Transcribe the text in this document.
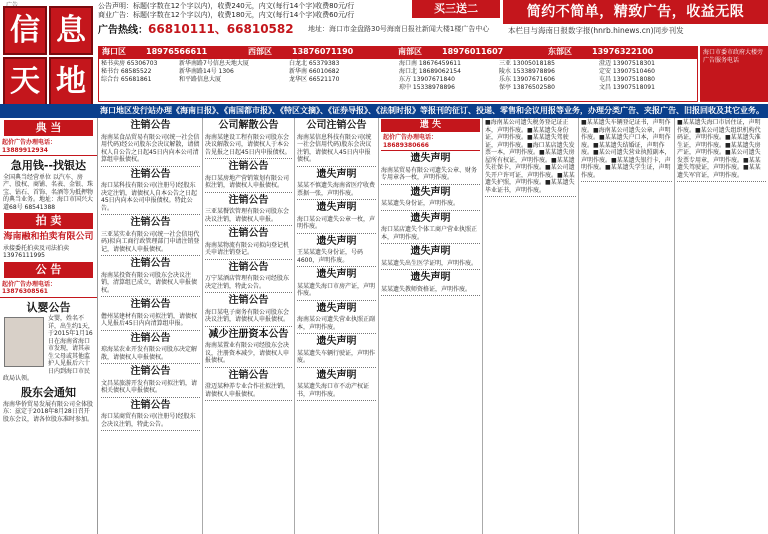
信 息
天 地
公告声明：标题(字数在12个字以内)，收费240元，内文(每行14个字)收费80元/行
商业广告：标题(字数在12个字以内)，收费180元，内文(每行14个字)收费60元/行	买三送二	简约不简单，精致广告，收益无限
广告热线：66810111、66810582 地址：海口市金盘路30号海南日报社新闻大楼1楼广告中心 本栏目与海南日报数字报(hnrb.hinews.cn)同步刊发
海口区	18976566611	西部区	13876071190	南部区	18976011607	东部区	13976322100
秘书卖房 65306703
秘书台 68585522
综合台 65681861
新华南路7号信息天地大厦
新华南路14号 1306
和平路信息大厦
白龙北 65379383
新华南 66010682
龙华区 66521170
海口南 18676459611
海口北 18689062154
东方 13907671840
琼中 15338978896
三亚 13005018185
陵水 15338978896
乐东 13907671606
保亭 13876502580
澄迈 13907518301
定安 13907510460
屯昌 13907518080
文昌 13907518091
海口市委市政府大楼旁广告服务电话
海口地区发行站办理《海南日报》、《南国都市报》、《特区文摘》、《证券导报》、《法制时报》等报刊的征订、投递、零售和会议用报等业务，办理分类广告、夹报广告、旧报回收及其它业务。
典 当
起价广告办理电话：13889912934
急用钱--找银达
全国典当经营单位 以汽车、房产、股权、商铺、名表、金银、珠宝、钻石、首饰、名酒等为抵押物的典当业务。地址：海口市国兴大道68号 68541388
拍 卖
海南融和拍卖有限公司
承接委托拍卖及司法拍卖 13976111995
公 告
起价广告办理电话：13876308561
认婴公告
女婴，姓名不详，出生约1天，于2015年1月16日在海南省海口市发现，请其亲生父母或其他监护人见报后六十日内到海口市民政局认领。
股东会通知
海南华侨贸易发展有限公司全体股东：兹定于2018年8月28日召开股东会议，请各位股东准时参加。
注销公告

海南某食品贸易有限公司(统一社会信用代码)经公司股东会决议解散，请债权人自公告之日起45日内向本公司清算组申报债权。

注销公告

海口某科技有限公司(注册号)经股东决定注销，请债权人自本公告之日起45日内向本公司申报债权。特此公告。

注销公告

三亚某实业有限公司(统一社会信用代码)拟向工商行政管理部门申请注销登记，请债权人申报债权。

注销公告

海南某投资有限公司股东会决议注销，清算组已成立，请债权人申报债权。

注销公告

儋州某建材有限公司拟注销，请债权人见报后45日内向清算组申报。

注销公告

琼海某农业开发有限公司股东决定解散，请债权人申报债权。

注销公告

文昌某旅游开发有限公司拟注销，请相关债权人申报债权。

注销公告

海口某商贸有限公司(注册号)经股东会决议注销，特此公告。

公司解散公告

海南某建设工程有限公司股东会决议解散公司，请债权人于本公告见报之日起45日内申报债权。

注销公告

海口某房地产营销策划有限公司拟注销，请债权人申报债权。

注销公告

三亚某餐饮管理有限公司股东会决议注销，请债权人申报。

注销公告

海南某物流有限公司拟向登记机关申请注销登记。

注销公告

万宁某酒店管理有限公司经股东决定注销，特此公告。

注销公告

海口某电子商务有限公司股东会决议注销，请债权人申报债权。

减少注册资本公告

海南某置业有限公司经股东会决议，注册资本减少，请债权人申报债权。

注销公告

澄迈某种养专业合作社拟注销，请债权人申报债权。

公司注销公告

海南某信息科技有限公司(统一社会信用代码)股东会决议注销，请债权人45日内申报债权。

遗失声明

某某不慎遗失海南省医疗收费票据一张，声明作废。

遗失声明

海口某公司遗失公章一枚，声明作废。

遗失声明

王某某遗失身份证，号码4600，声明作废。

遗失声明

某某遗失海口市房产证，声明作废。

遗失声明

海南某公司遗失营业执照正副本，声明作废。

遗失声明

某某遗失车辆行驶证，声明作废。

遗失声明

某某遗失海口市不动产权证书，声明作废。

遗 失
起价广告办理电话：18689380666
遗失声明

海南某贸易有限公司遗失公章、财务专用章各一枚，声明作废。

遗失声明

某某遗失身份证，声明作废。

遗失声明

海口某店遗失个体工商户营业执照正本，声明作废。

遗失声明

某某遗失出生医学证明，声明作废。

遗失声明

某某遗失教师资格证，声明作废。

■海南某公司遗失税务登记证正本，声明作废。■某某遗失身份证，声明作废。■某某遗失驾驶证，声明作废。■海口某店遗失发票一本，声明作废。■某某遗失房屋所有权证，声明作废。■某某遗失社保卡，声明作废。■某公司遗失开户许可证，声明作废。■某某遗失护照，声明作废。■某某遗失毕业证书，声明作废。

■某某遗失车辆登记证书，声明作废。■海南某公司遗失公章，声明作废。■某某遗失户口本，声明作废。■某某遗失结婚证，声明作废。■某公司遗失营业执照副本，声明作废。■某某遗失银行卡，声明作废。■某某遗失学生证，声明作废。

■某某遗失海口市居住证，声明作废。■某公司遗失组织机构代码证，声明作废。■某某遗失准生证，声明作废。■某某遗失房产证，声明作废。■某公司遗失发票专用章，声明作废。■某某遗失驾驶证，声明作废。■某某遗失军官证，声明作废。
